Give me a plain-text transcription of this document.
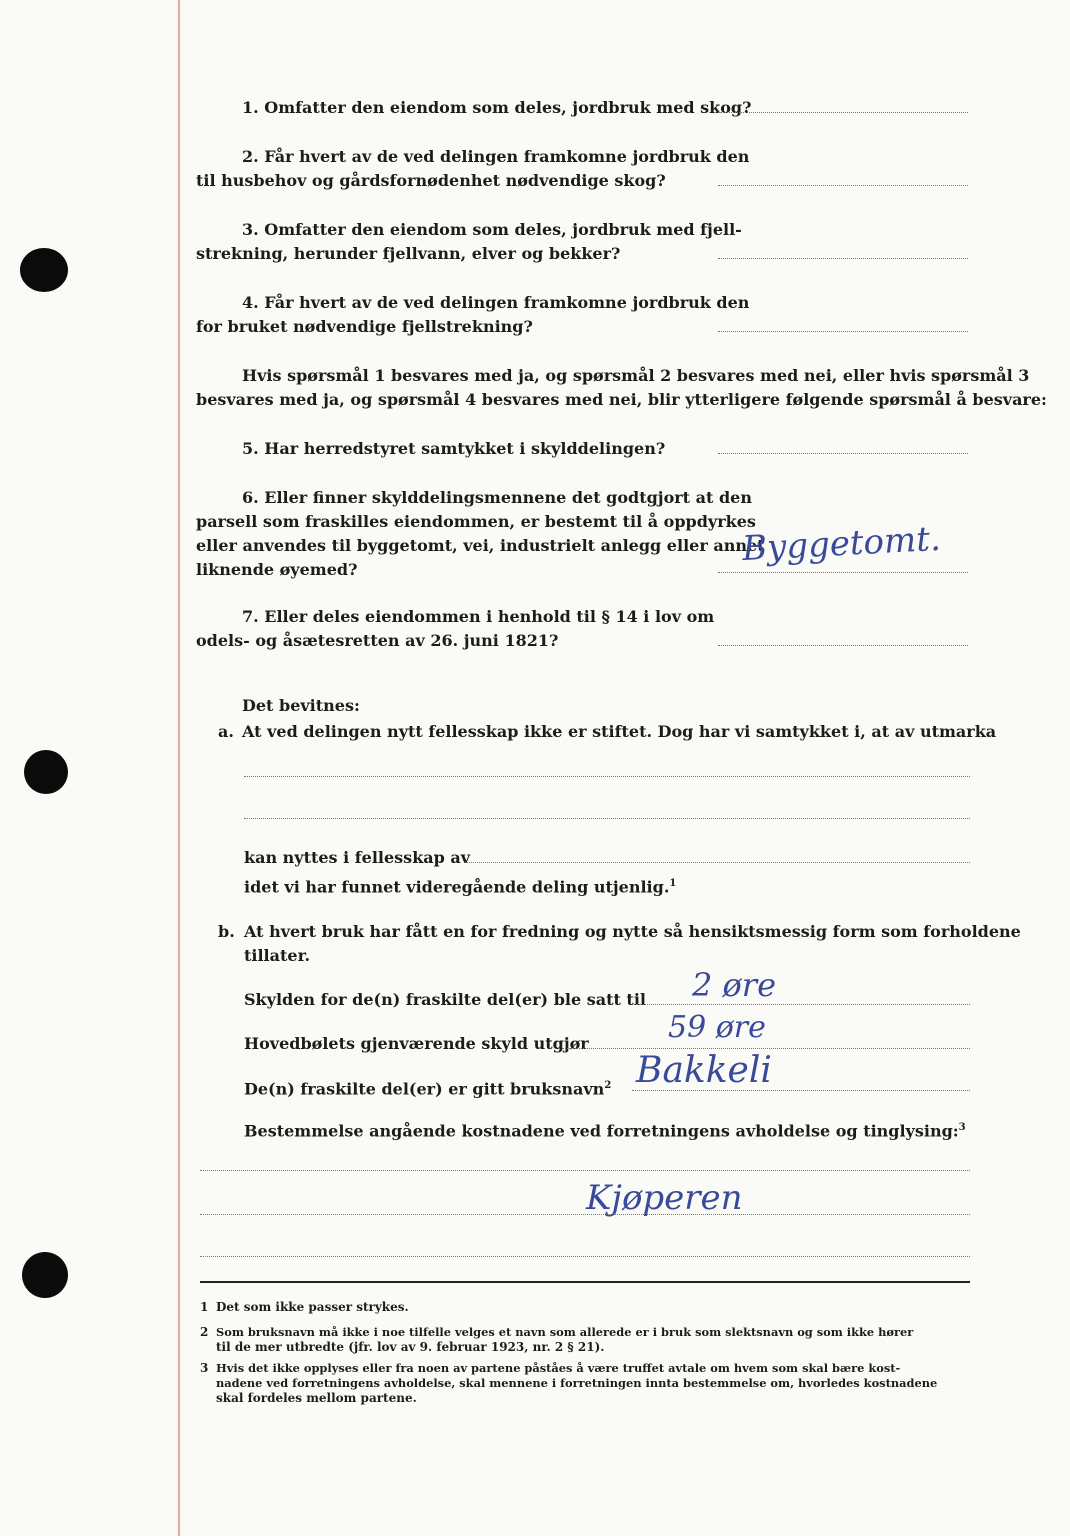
1. Omfatter den eiendom som deles, jordbruk med skog?
2. Får hvert av de ved delingen framkomne jordbruk den
til husbehov og gårdsfornødenhet nødvendige skog?
3. Omfatter den eiendom som deles, jordbruk med fjell-
strekning, herunder fjellvann, elver og bekker?
4. Får hvert av de ved delingen framkomne jordbruk den
for bruket nødvendige fjellstrekning?
Hvis spørsmål 1 besvares med ja, og spørsmål 2 besvares med nei, eller hvis spørsmål 3
besvares med ja, og spørsmål 4 besvares med nei, blir ytterligere følgende spørsmål å besvare:
5. Har herredstyret samtykket i skylddelingen?
6. Eller finner skylddelingsmennene det godtgjort at den
parsell som fraskilles eiendommen, er bestemt til å oppdyrkes
eller anvendes til byggetomt, vei, industrielt anlegg eller annet
liknende øyemed?
Byggetomt.
7. Eller deles eiendommen i henhold til § 14 i lov om
odels- og åsætesretten av 26. juni 1821?
Det bevitnes:
a. At ved delingen nytt fellesskap ikke er stiftet. Dog har vi samtykket i, at av utmarka
kan nyttes i fellesskap av
idet vi har funnet videregående deling utjenlig.$^1$
b. At hvert bruk har fått en for fredning og nytte så hensiktsmessig form som forholdene
tillater.
Skylden for de(n) fraskilte del(er) ble satt til 2 øre
Hovedbølets gjenværende skyld utgjør	59 øre
De(n) fraskilte del(er) er gitt bruksnavn$^2$ Bakkeli
Bestemmelse angående kostnadene ved forretningens avholdelse og tinglysing:$^3$
Kjøperen
1 Det som ikke passer strykes.
2 Som bruksnavn må ikke i noe tilfelle velges et navn som allerede er i bruk som slektsnavn og som ikke hører
til de mer utbredte (jfr. lov av 9. februar 1923, nr. 2 § 21).
3 Hvis det ikke opplyses eller fra noen av partene påståes å være truffet avtale om hvem som skal bære kost-
nadene ved forretningens avholdelse, skal mennene i forretningen innta bestemmelse om, hvorledes kostnadene
skal fordeles mellom partene.
